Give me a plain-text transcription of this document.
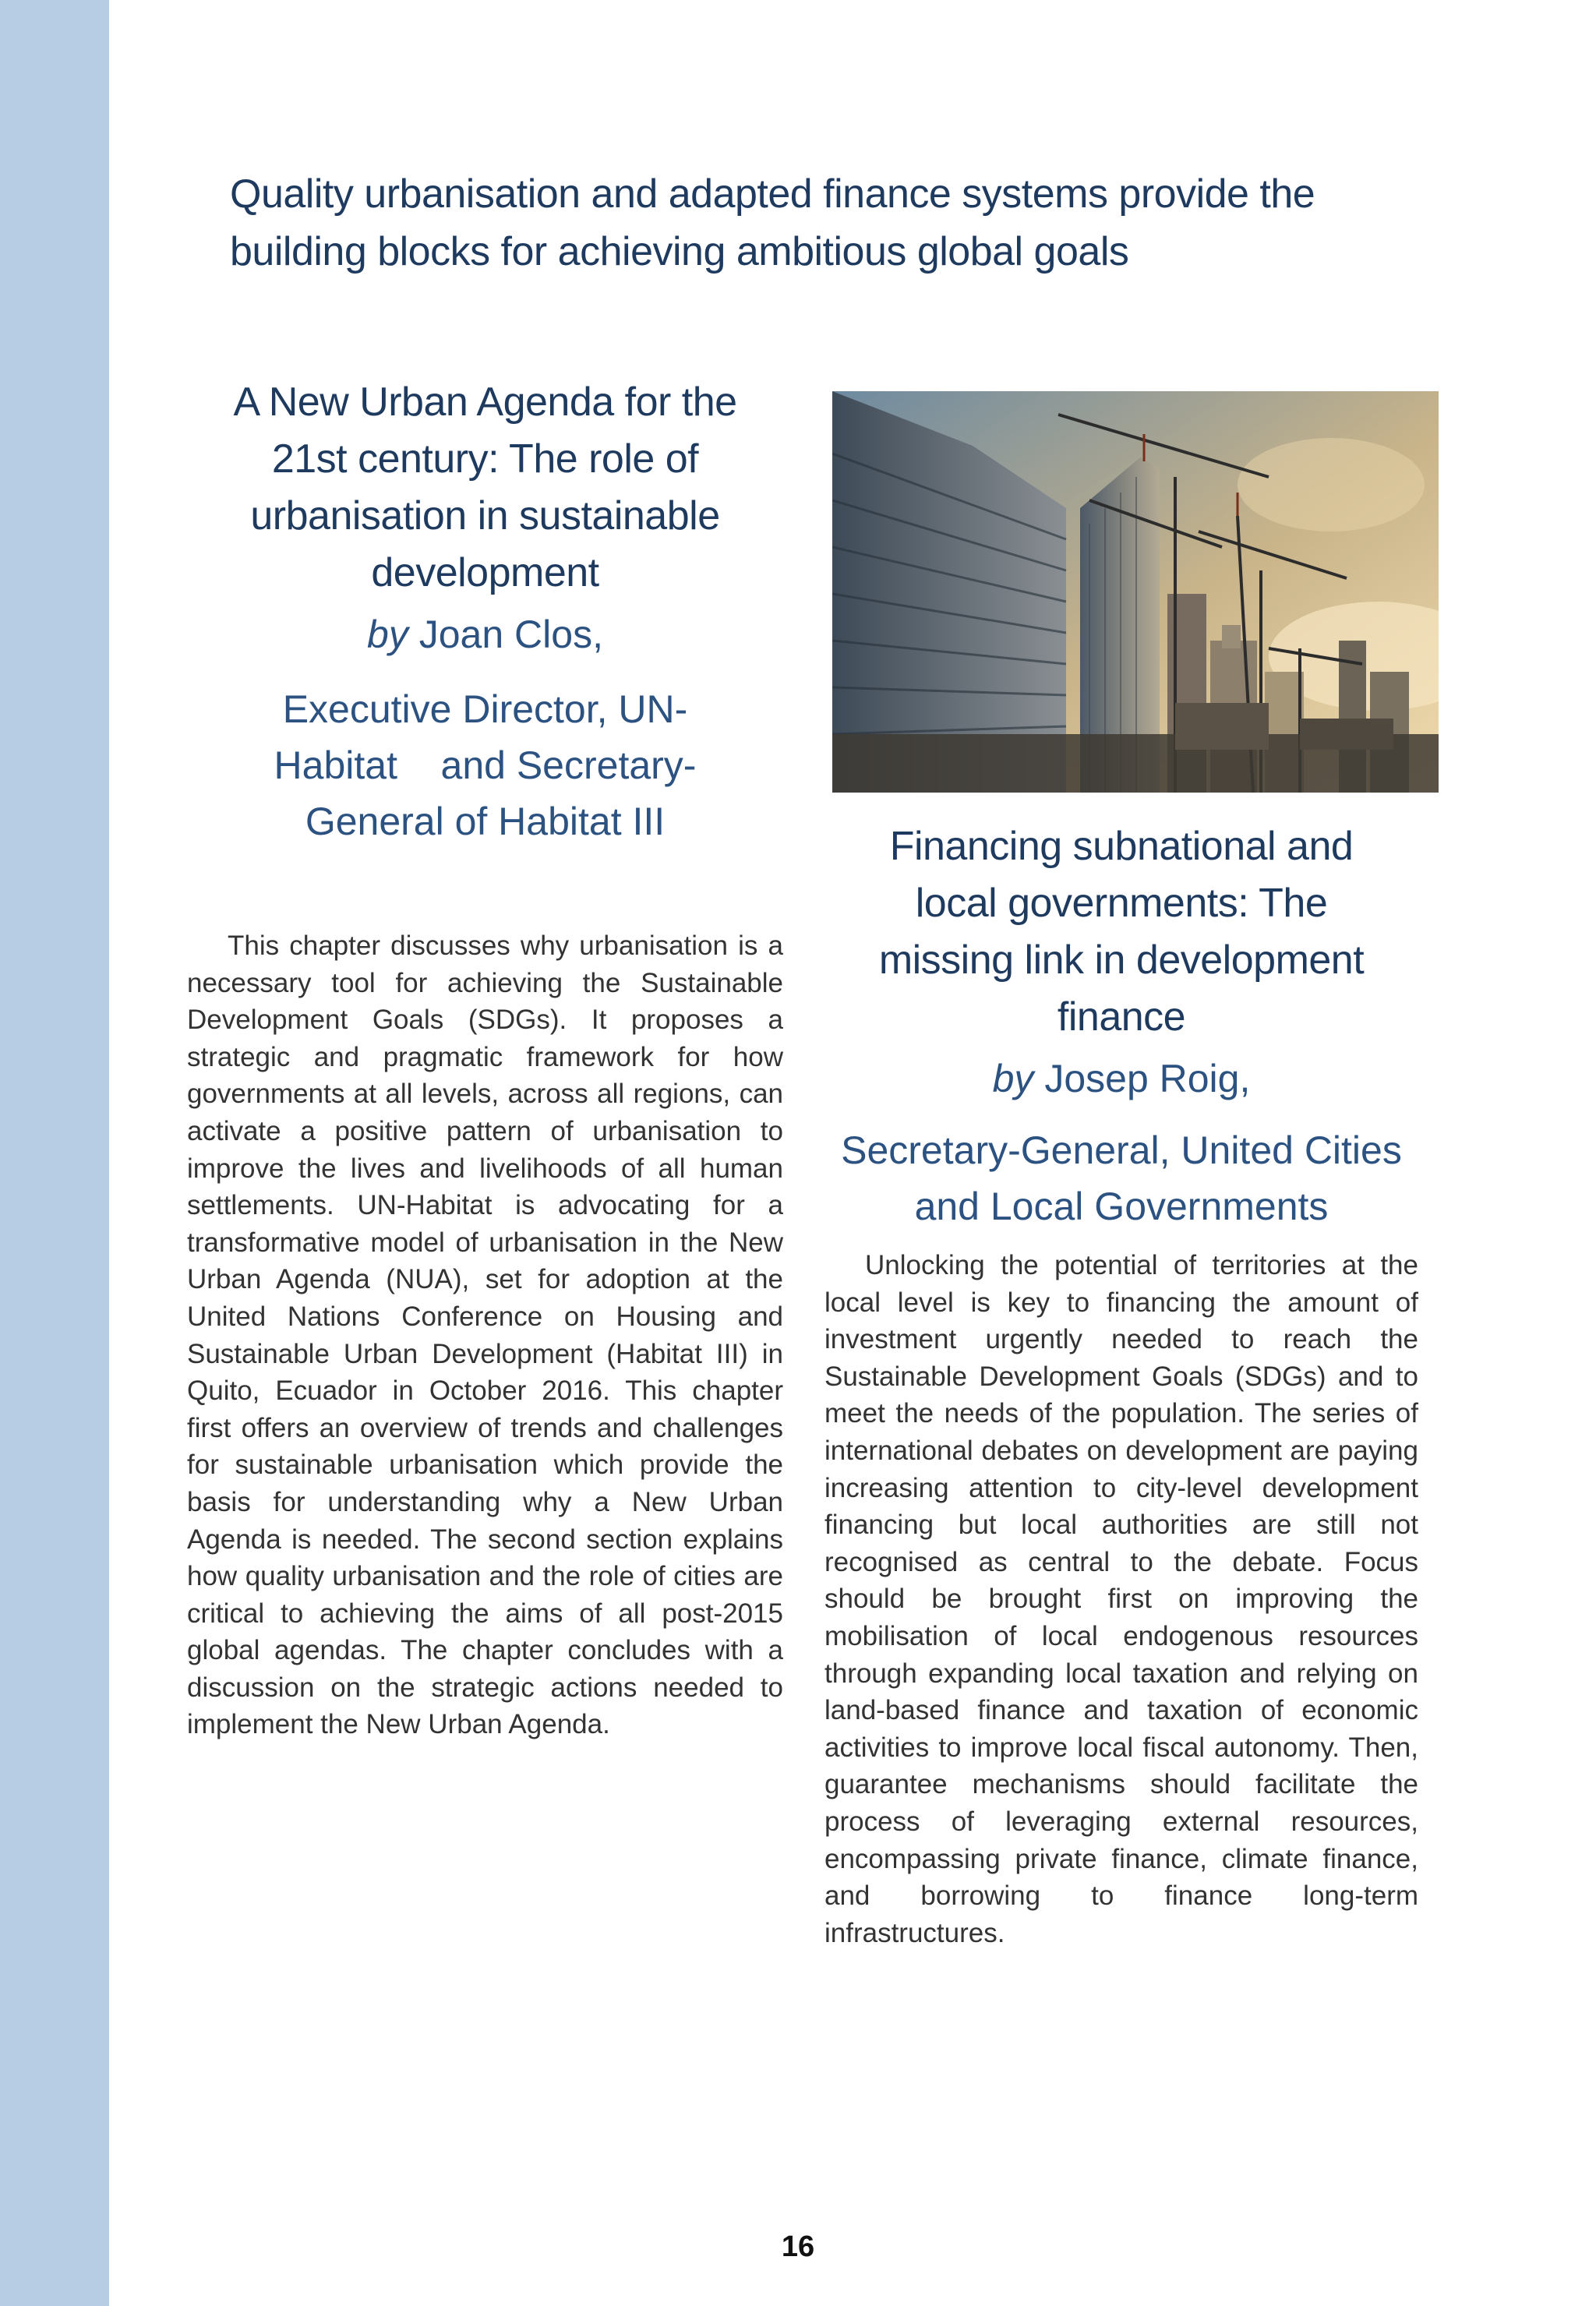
Quality urbanisation and adapted finance systems provide the building blocks for achieving ambitious global goals
A New Urban Agenda for the 21st century: The role of urbanisation in sustainable development

by Joan Clos,

Executive Director, UN-Habitat    and Secretary-General of Habitat III

This chapter discusses why urbanisation is a necessary tool for achieving the Sustainable Development Goals (SDGs). It proposes a strategic and pragmatic framework for how governments at all levels, across all regions, can activate a positive pattern of urbanisation to improve the lives and livelihoods of all human settlements. UN-Habitat is advocating for a transformative model of urbanisation in the New Urban Agenda (NUA), set for adoption at the United Nations Conference on Housing and Sustainable Urban Development (Habitat III) in Quito, Ecuador in October 2016. This chapter first offers an overview of trends and challenges for sustainable urbanisation which provide the basis for understanding why a New Urban Agenda is needed. The second section explains how quality urbanisation and the role of cities are critical to achieving the aims of all post-2015 global agendas. The chapter concludes with a discussion on the strategic actions needed to implement the New Urban Agenda.

Financing subnational and local governments: The missing link in development finance

by Josep Roig,

Secretary-General, United Cities and Local Governments

Unlocking the potential of territories at the local level is key to financing the amount of investment urgently needed to reach the Sustainable Development Goals (SDGs) and to meet the needs of the population. The series of international debates on development are paying increasing attention to city-level development financing but local authorities are still not recognised as central to the debate. Focus should be brought first on improving the mobilisation of local endogenous resources through expanding local taxation and relying on land-based finance and taxation of economic activities to improve local fiscal autonomy. Then, guarantee mechanisms should facilitate the process of leveraging external resources, encompassing private finance, climate finance, and borrowing to finance long-term infrastructures.

16
